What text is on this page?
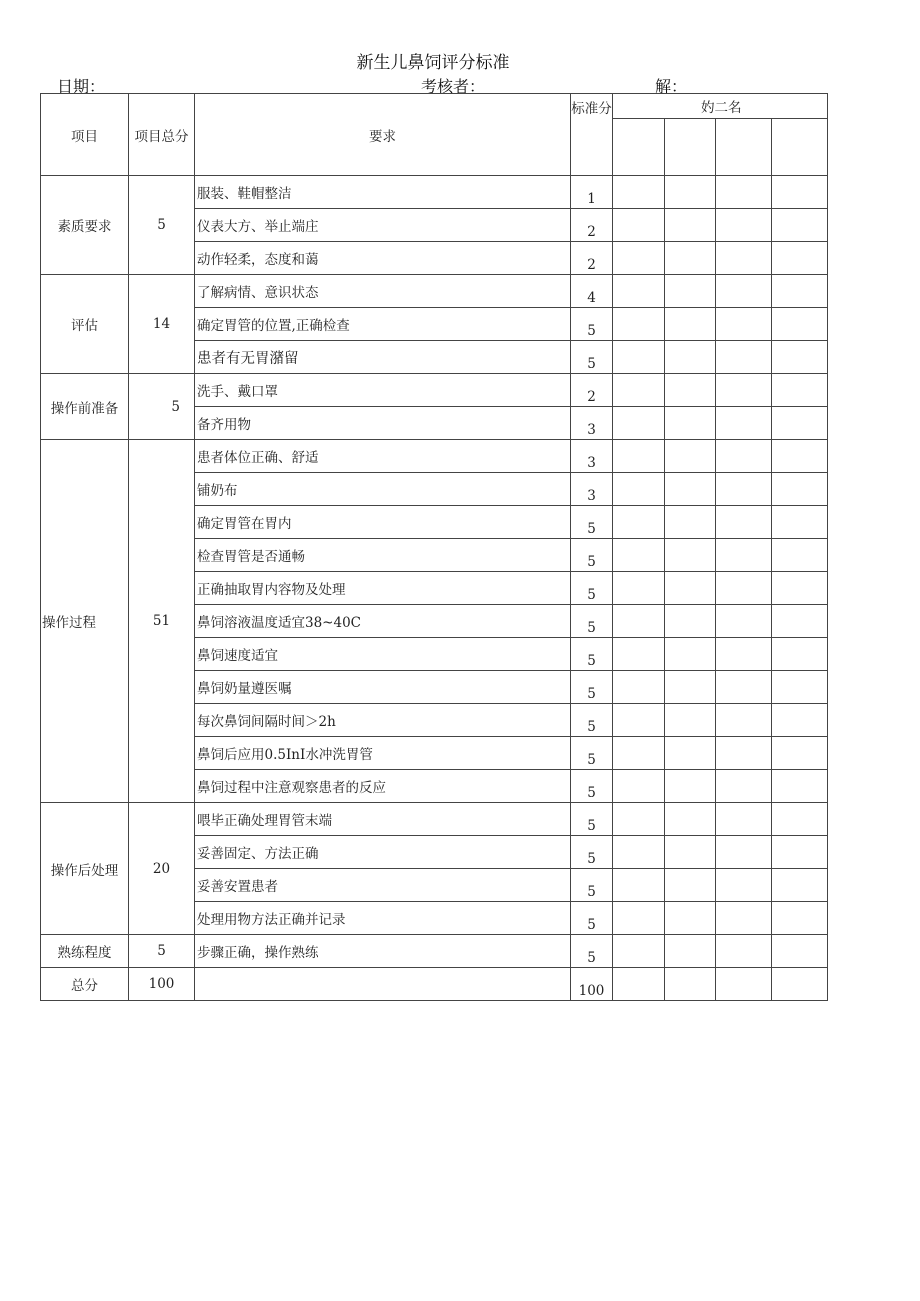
新生儿鼻饲评分标准
日期：	考核者：	解：
项目	项目总分	要求	标准分	妁二名			

素质要求	5	服装、鞋帽整洁	1				
		仪表大方、举止端庄	2				
		动作轻柔，态度和蔼	2				
评估	14	了解病情、意识状态	4				
		确定胃管的位置,正确检查	5				
		患者有无胃潴留	5				
操作前准备	5	洗手、戴口罩	2				
		备齐用物	3				
操作过程	51	患者体位正确、舒适	3				
		铺奶布	3				
		确定胃管在胃内	5				
		检查胃管是否通畅	5				
		正确抽取胃内容物及处理	5				
		鼻饲溶液温度适宜38~40C	5				
		鼻饲速度适宜	5				
		鼻饲奶量遵医嘱	5				
		每次鼻饲间隔时间＞2h	5				
		鼻饲后应用0.5InI水冲洗胃管	5				
		鼻饲过程中注意观察患者的反应	5				
操作后处理	20	喂毕正确处理胃管末端	5				
		妥善固定、方法正确	5				
		妥善安置患者	5				
		处理用物方法正确并记录	5				
熟练程度	5	步骤正确，操作熟练	5				
总分	100		100				
